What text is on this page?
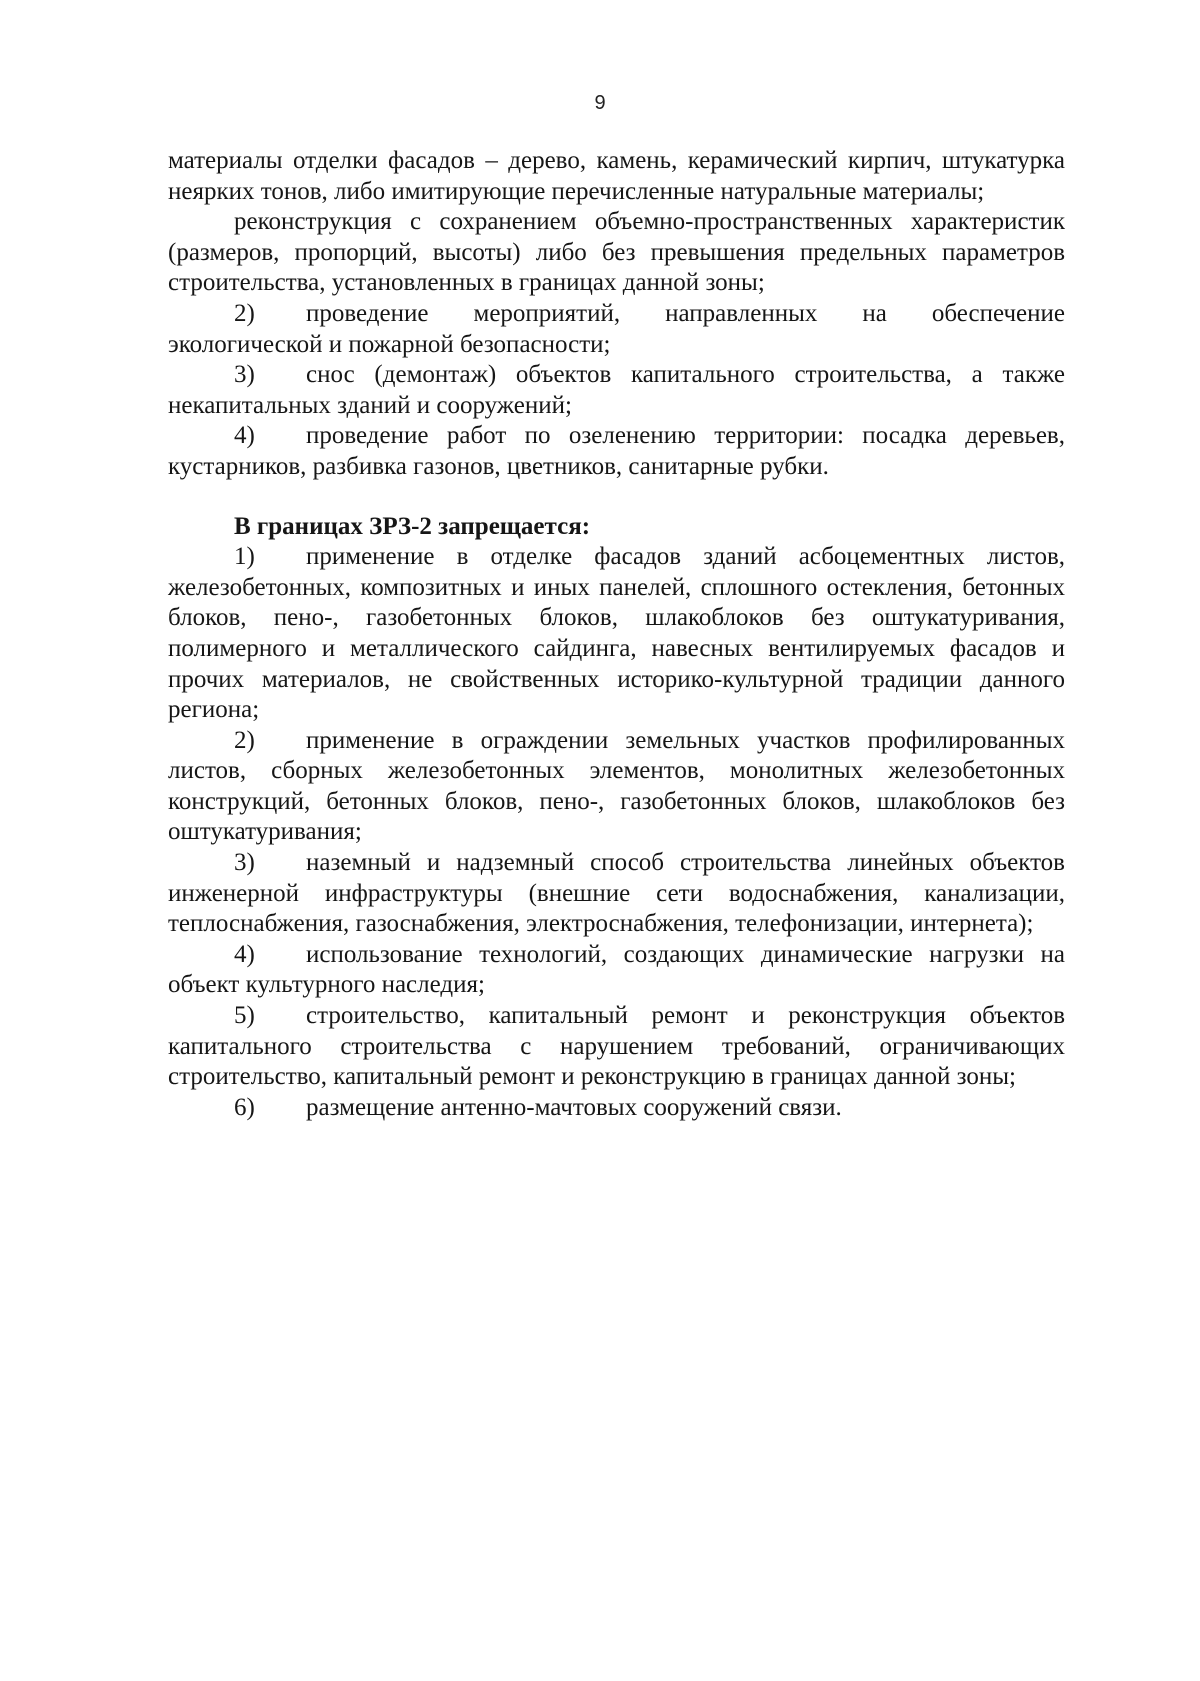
9

материалы отделки фасадов – дерево, камень, керамический кирпич, штукатурка неярких тонов, либо имитирующие перечисленные натуральные материалы;

реконструкция с сохранением объемно-пространственных характеристик (размеров, пропорций, высоты) либо без превышения предельных параметров строительства, установленных в границах данной зоны;

2) проведение мероприятий, направленных на обеспечение экологической и пожарной безопасности;

3) снос (демонтаж) объектов капитального строительства, а также некапитальных зданий и сооружений;

4) проведение работ по озеленению территории: посадка деревьев, кустарников, разбивка газонов, цветников, санитарные рубки.

В границах ЗРЗ-2 запрещается:

1) применение в отделке фасадов зданий асбоцементных листов, железобетонных, композитных и иных панелей, сплошного остекления, бетонных блоков, пено-, газобетонных блоков, шлакоблоков без оштукатуривания, полимерного и металлического сайдинга, навесных вентилируемых фасадов и прочих материалов, не свойственных историко-культурной традиции данного региона;

2) применение в ограждении земельных участков профилированных листов, сборных железобетонных элементов, монолитных железобетонных конструкций, бетонных блоков, пено-, газобетонных блоков, шлакоблоков без оштукатуривания;

3) наземный и надземный способ строительства линейных объектов инженерной инфраструктуры (внешние сети водоснабжения, канализации, теплоснабжения, газоснабжения, электроснабжения, телефонизации, интернета);

4) использование технологий, создающих динамические нагрузки на объект культурного наследия;

5) строительство, капитальный ремонт и реконструкция объектов капитального строительства с нарушением требований, ограничивающих строительство, капитальный ремонт и реконструкцию в границах данной зоны;

6) размещение антенно-мачтовых сооружений связи.
